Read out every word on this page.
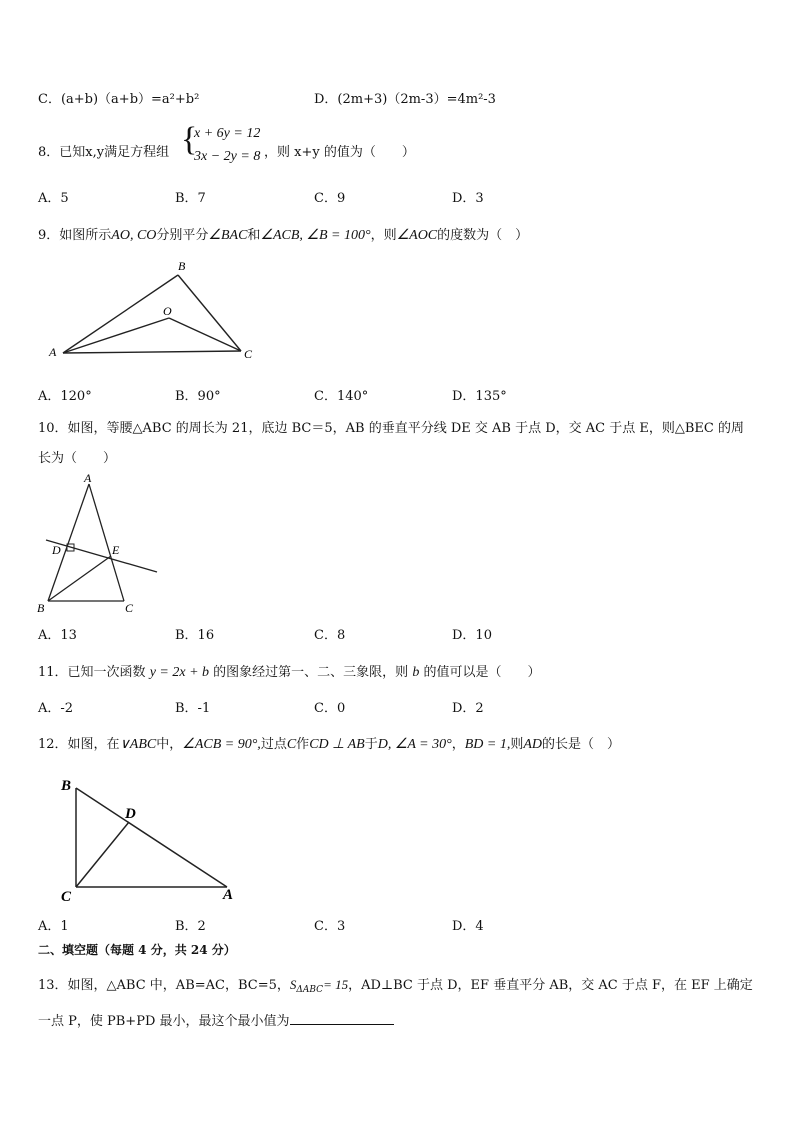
C．(a+b)（a+b）=a²+b²	D．(2m+3)（2m-3）=4m²-3
8．已知x,y满足方程组 {
x + 6y = 12
3x − 2y = 8 ，则 x+y 的值为（　　）
A．5	B．7	C．9	D．3
9．如图所示AO, CO分别平分∠BAC和∠ACB, ∠B = 100°，则∠AOC的度数为（　）
B
O
A	C
A．120°	B．90°	C．140°	D．135°
10．如图，等腰△ABC 的周长为 21，底边 BC＝5，AB 的垂直平分线 DE 交 AB 于点 D，交 AC 于点 E，则△BEC 的周
长为（　　）
A
D	E
B	C
A．13	B．16	C．8	D．10
11．已知一次函数 y = 2x + b 的图象经过第一、二、三象限，则 b 的值可以是（　　）
A．-2	B．-1	C．0	D．2
12．如图，在∨ABC中，∠ACB = 90°,过点C作CD ⊥ AB于D, ∠A = 30°，BD = 1,则AD的长是（　）
B
D
C	A
A．1	B．2	C．3	D．4
二、填空题（每题 4 分，共 24 分）
13．如图，△ABC 中，AB=AC，BC=5，$S_{\Delta ABC}= 15$，AD⊥BC 于点 D，EF 垂直平分 AB，交 AC 于点 F，在 EF 上确定
一点 P，使 PB+PD 最小，最这个最小值为
